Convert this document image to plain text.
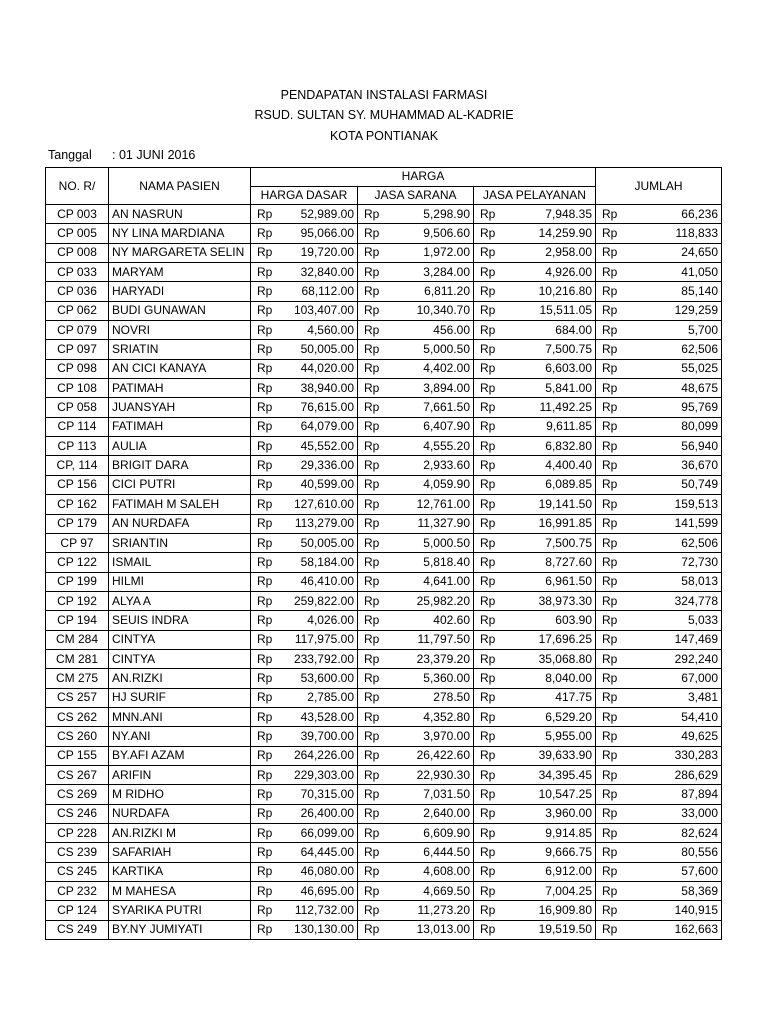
PENDAPATAN INSTALASI FARMASI
RSUD. SULTAN SY. MUHAMMAD AL-KADRIE
KOTA PONTIANAK
Tanggal : 01 JUNI 2016
NO. R/	NAMA PASIEN	HARGA			JUMLAH
		HARGA DASAR	JASA SARANA	JASA PELAYANAN	
CP 003	AN NASRUN	Rp 52,989.00	Rp 5,298.90	Rp 7,948.35	Rp 66,236

CP 005	NY LINA MARDIANA	Rp 95,066.00	Rp 9,506.60	Rp 14,259.90	Rp 118,833

CP 008	NY MARGARETA SELIN	Rp 19,720.00	Rp 1,972.00	Rp 2,958.00	Rp 24,650

CP 033	MARYAM	Rp 32,840.00	Rp 3,284.00	Rp 4,926.00	Rp 41,050

CP 036	HARYADI	Rp 68,112.00	Rp 6,811.20	Rp 10,216.80	Rp 85,140

CP 062	BUDI GUNAWAN	Rp 103,407.00	Rp 10,340.70	Rp 15,511.05	Rp 129,259

CP 079	NOVRI	Rp 4,560.00	Rp 456.00	Rp 684.00	Rp 5,700

CP 097	SRIATIN	Rp 50,005.00	Rp 5,000.50	Rp 7,500.75	Rp 62,506

CP 098	AN CICI KANAYA	Rp 44,020.00	Rp 4,402.00	Rp 6,603.00	Rp 55,025

CP 108	PATIMAH	Rp 38,940.00	Rp 3,894.00	Rp 5,841.00	Rp 48,675

CP 058	JUANSYAH	Rp 76,615.00	Rp 7,661.50	Rp 11,492.25	Rp 95,769

CP 114	FATIMAH	Rp 64,079.00	Rp 6,407.90	Rp 9,611.85	Rp 80,099

CP 113	AULIA	Rp 45,552.00	Rp 4,555.20	Rp 6,832.80	Rp 56,940

CP, 114	BRIGIT DARA	Rp 29,336.00	Rp 2,933.60	Rp 4,400.40	Rp 36,670

CP 156	CICI PUTRI	Rp 40,599.00	Rp 4,059.90	Rp 6,089.85	Rp 50,749

CP 162	FATIMAH M SALEH	Rp 127,610.00	Rp 12,761.00	Rp 19,141.50	Rp 159,513

CP 179	AN NURDAFA	Rp 113,279.00	Rp 11,327.90	Rp 16,991.85	Rp 141,599

CP 97	SRIANTIN	Rp 50,005.00	Rp 5,000.50	Rp 7,500.75	Rp 62,506

CP 122	ISMAIL	Rp 58,184.00	Rp 5,818.40	Rp 8,727.60	Rp 72,730

CP 199	HILMI	Rp 46,410.00	Rp 4,641.00	Rp 6,961.50	Rp 58,013

CP 192	ALYA A	Rp 259,822.00	Rp 25,982.20	Rp 38,973.30	Rp 324,778

CP 194	SEUIS INDRA	Rp 4,026.00	Rp 402.60	Rp 603.90	Rp 5,033

CM 284	CINTYA	Rp 117,975.00	Rp 11,797.50	Rp 17,696.25	Rp 147,469

CM 281	CINTYA	Rp 233,792.00	Rp 23,379.20	Rp 35,068.80	Rp 292,240

CM 275	AN.RIZKI	Rp 53,600.00	Rp 5,360.00	Rp 8,040.00	Rp 67,000

CS 257	HJ SURIF	Rp 2,785.00	Rp 278.50	Rp 417.75	Rp 3,481

CS 262	MNN.ANI	Rp 43,528.00	Rp 4,352.80	Rp 6,529.20	Rp 54,410

CS 260	NY.ANI	Rp 39,700.00	Rp 3,970.00	Rp 5,955.00	Rp 49,625

CP 155	BY.AFI AZAM	Rp 264,226.00	Rp 26,422.60	Rp 39,633.90	Rp 330,283

CS 267	ARIFIN	Rp 229,303.00	Rp 22,930.30	Rp 34,395.45	Rp 286,629

CS 269	M RIDHO	Rp 70,315.00	Rp 7,031.50	Rp 10,547.25	Rp 87,894

CS 246	NURDAFA	Rp 26,400.00	Rp 2,640.00	Rp 3,960.00	Rp 33,000

CP 228	AN.RIZKI M	Rp 66,099.00	Rp 6,609.90	Rp 9,914.85	Rp 82,624

CS 239	SAFARIAH	Rp 64,445.00	Rp 6,444.50	Rp 9,666.75	Rp 80,556

CS 245	KARTIKA	Rp 46,080.00	Rp 4,608.00	Rp 6,912.00	Rp 57,600

CP 232	M MAHESA	Rp 46,695.00	Rp 4,669.50	Rp 7,004.25	Rp 58,369

CP 124	SYARIKA PUTRI	Rp 112,732.00	Rp 11,273.20	Rp 16,909.80	Rp 140,915

CS 249	BY.NY JUMIYATI	Rp 130,130.00	Rp 13,013.00	Rp 19,519.50	Rp 162,663
